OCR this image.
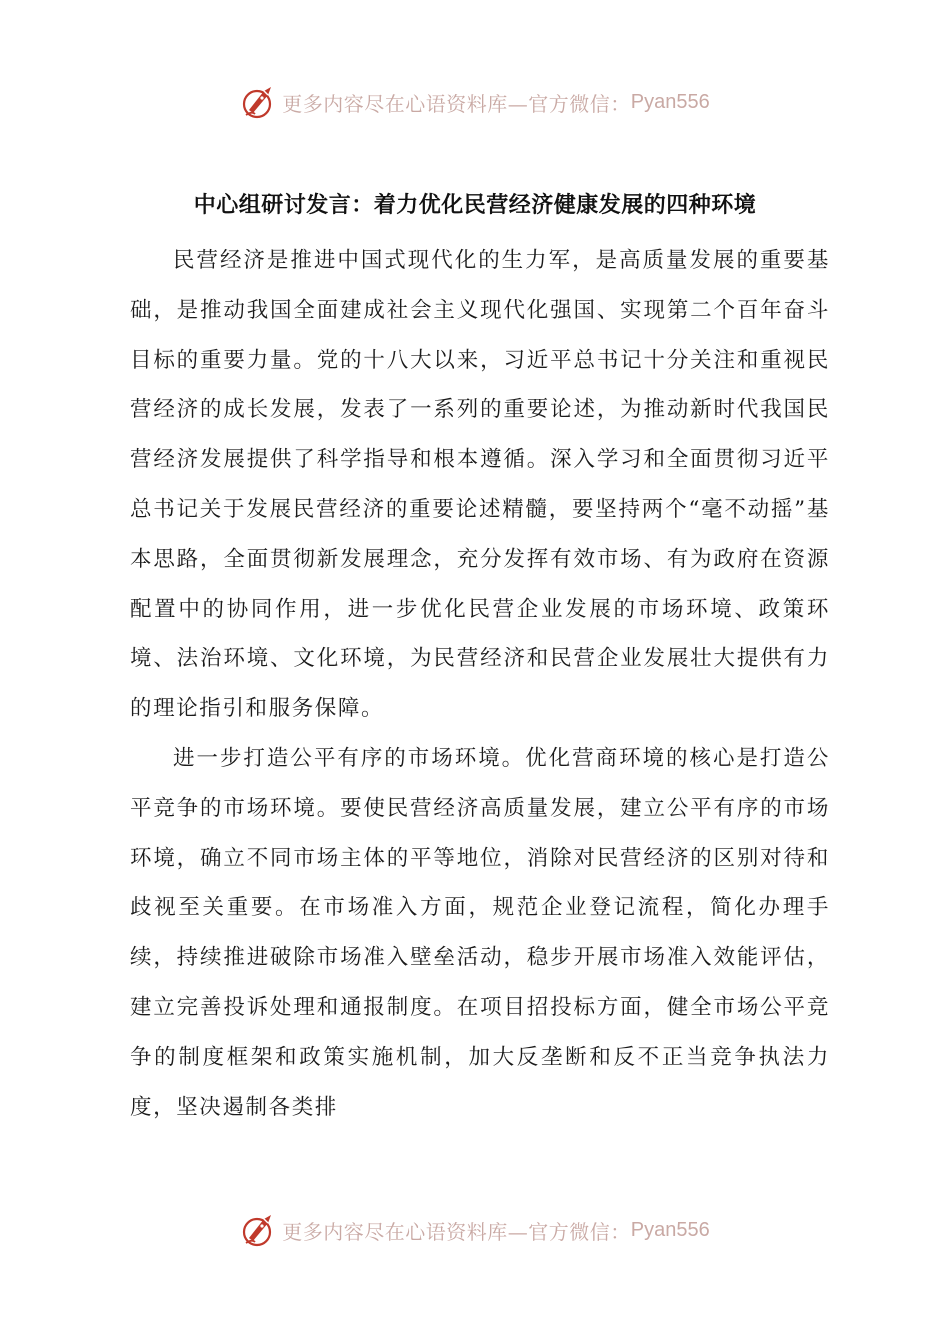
更多内容尽在心语资料库—官方微信： Pyan556
中心组研讨发言：着力优化民营经济健康发展的四种环境

民营经济是推进中国式现代化的生力军，是高质量发展的重要基础，是推动我国全面建成社会主义现代化强国、实现第二个百年奋斗目标的重要力量。党的十八大以来，习近平总书记十分关注和重视民营经济的成长发展，发表了一系列的重要论述，为推动新时代我国民营经济发展提供了科学指导和根本遵循。深入学习和全面贯彻习近平总书记关于发展民营经济的重要论述精髓，要坚持两个“毫不动摇”基本思路，全面贯彻新发展理念，充分发挥有效市场、有为政府在资源配置中的协同作用，进一步优化民营企业发展的市场环境、政策环境、法治环境、文化环境，为民营经济和民营企业发展壮大提供有力的理论指引和服务保障。

进一步打造公平有序的市场环境。优化营商环境的核心是打造公平竞争的市场环境。要使民营经济高质量发展，建立公平有序的市场环境，确立不同市场主体的平等地位，消除对民营经济的区别对待和歧视至关重要。在市场准入方面，规范企业登记流程，简化办理手续，持续推进破除市场准入壁垒活动，稳步开展市场准入效能评估，建立完善投诉处理和通报制度。在项目招投标方面，健全市场公平竞争的制度框架和政策实施机制，加大反垄断和反不正当竞争执法力度，坚决遏制各类排

更多内容尽在心语资料库—官方微信： Pyan556
